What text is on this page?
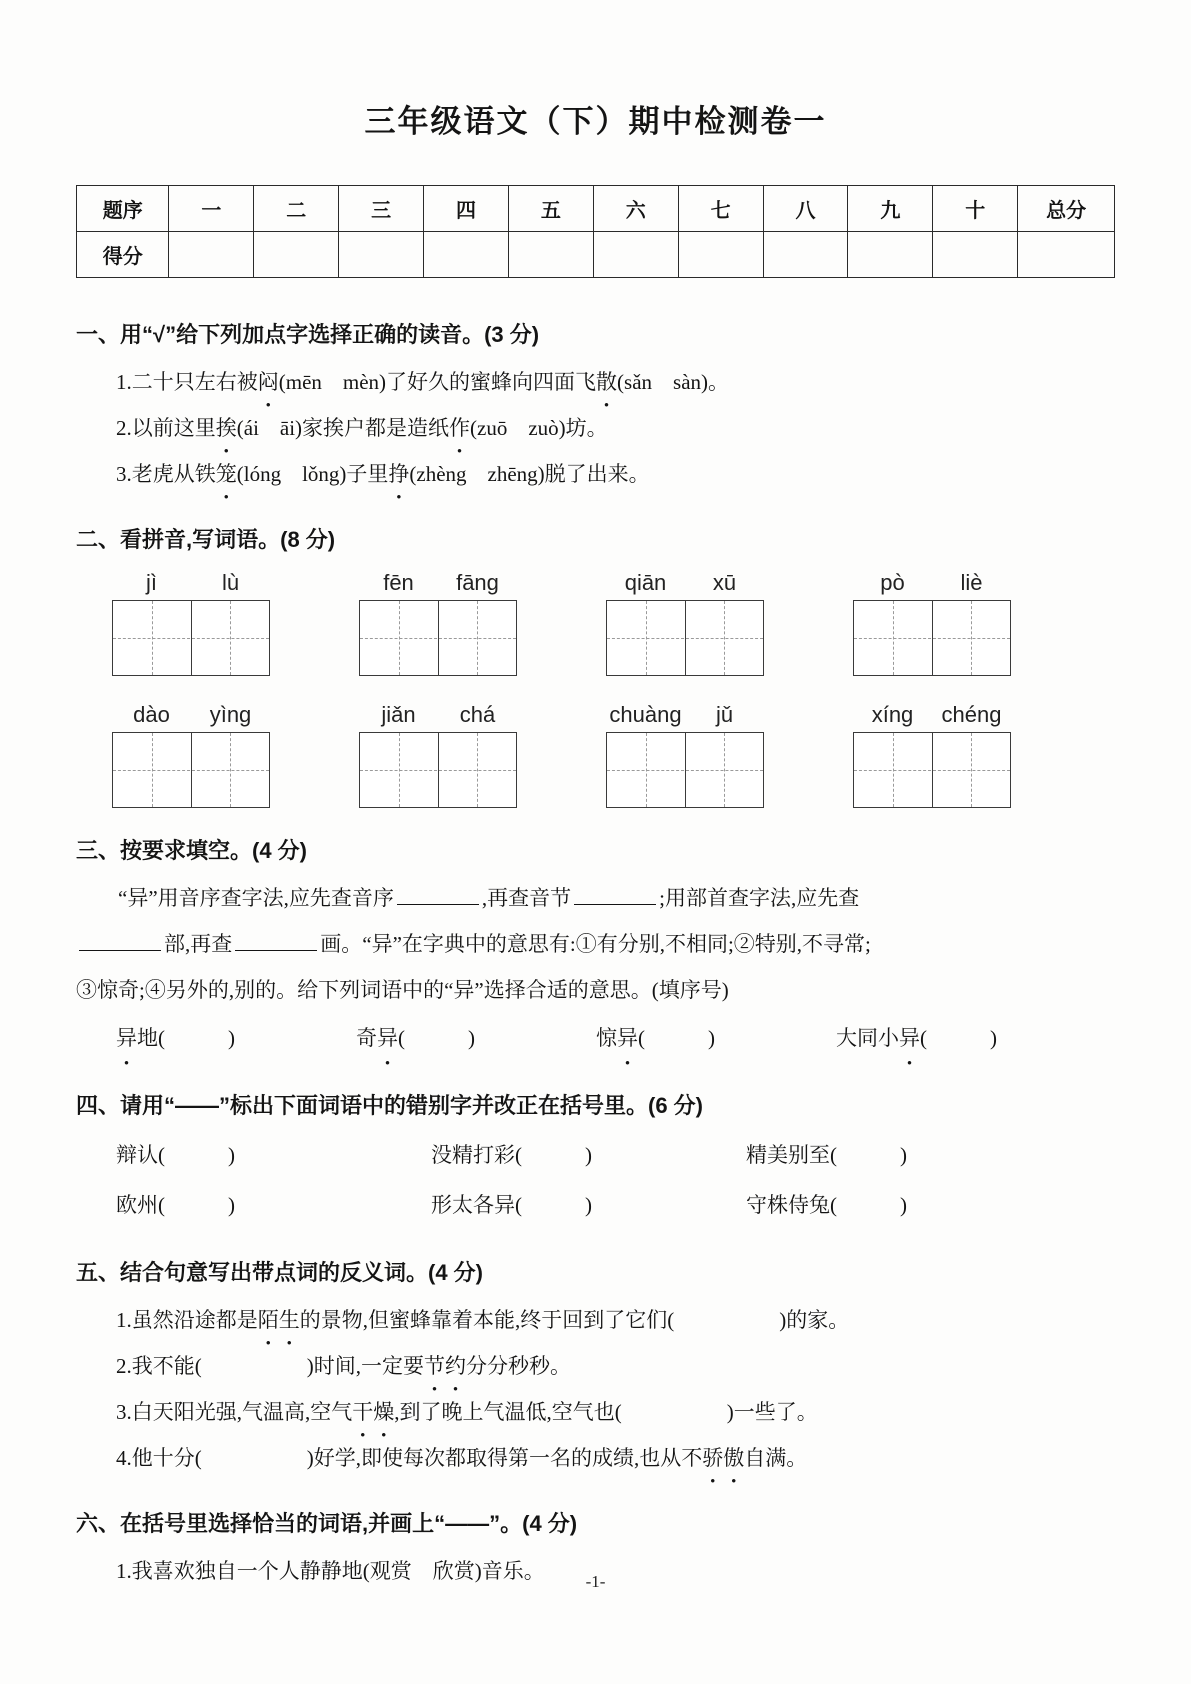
三年级语文（下）期中检测卷一
题序	一	二	三	四	五	六	七	八	九	十	总分
得分											
一、用“√”给下列加点字选择正确的读音。(3 分)
1.二十只左右被闷(mēn　mèn)了好久的蜜蜂向四面飞散(sǎn　sàn)。
2.以前这里挨(ái　āi)家挨户都是造纸作(zuō　zuò)坊。
3.老虎从铁笼(lóng　lǒng)子里挣(zhèng　zhēng)脱了出来。
二、看拼音,写词语。(8 分)
jì	lù	fēn	fāng	qiān	xū	pò	liè
dào	yìng	jiǎn	chá	chuàng	jǔ	xíng	chéng
三、按要求填空。(4 分)
　　“异”用音序查字法,应先查音序	,再查音节	;用部首查字法,应先查
部,再查	画。“异”在字典中的意思有:①有分别,不相同;②特别,不寻常;
③惊奇;④另外的,别的。给下列词语中的“异”选择合适的意思。(填序号)
异地(　　　)	奇异(　　　)	惊异(　　　)	大同小异(　　　)
四、请用“——”标出下面词语中的错别字并改正在括号里。(6 分)
辩认(　　　)	没精打彩(　　　)	精美别至(　　　)
欧州(　　　)	形太各异(　　　)	守株侍兔(　　　)
五、结合句意写出带点词的反义词。(4 分)
1.虽然沿途都是陌生的景物,但蜜蜂靠着本能,终于回到了它们(　　　　　)的家。
2.我不能(　　　　　)时间,一定要节约分分秒秒。
3.白天阳光强,气温高,空气干燥,到了晚上气温低,空气也(　　　　　)一些了。
4.他十分(　　　　　)好学,即使每次都取得第一名的成绩,也从不骄傲自满。
六、在括号里选择恰当的词语,并画上“——”。(4 分)
1.我喜欢独自一个人静静地(观赏　欣赏)音乐。	-1-
